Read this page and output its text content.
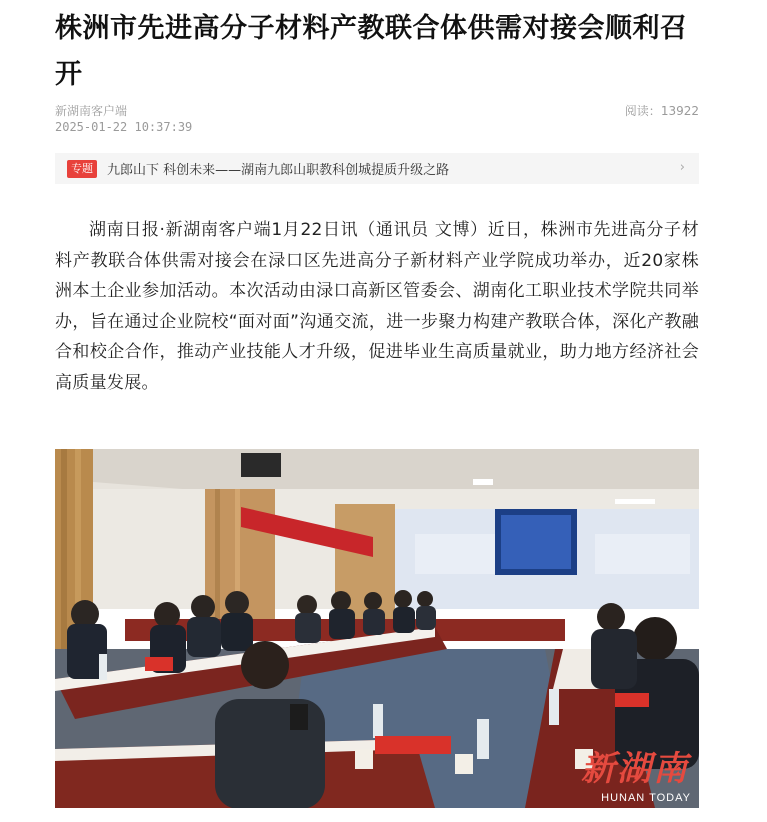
株洲市先进高分子材料产教联合体供需对接会顺利召开
新湖南客户端
2025-01-22 10:37:39
阅读：13922
专题	九郎山下 科创未来——湖南九郎山职教科创城提质升级之路	›

湖南日报·新湖南客户端1月22日讯（通讯员 文博）近日，株洲市先进高分子材料产教联合体供需对接会在渌口区先进高分子新材料产业学院成功举办，近20家株洲本土企业参加活动。本次活动由渌口高新区管委会、湖南化工职业技术学院共同举办，旨在通过企业院校“面对面”沟通交流，进一步聚力构建产教联合体，深化产教融合和校企合作，推动产业技能人才升级，促进毕业生高质量就业，助力地方经济社会高质量发展。

新湖南
HUNAN TODAY
